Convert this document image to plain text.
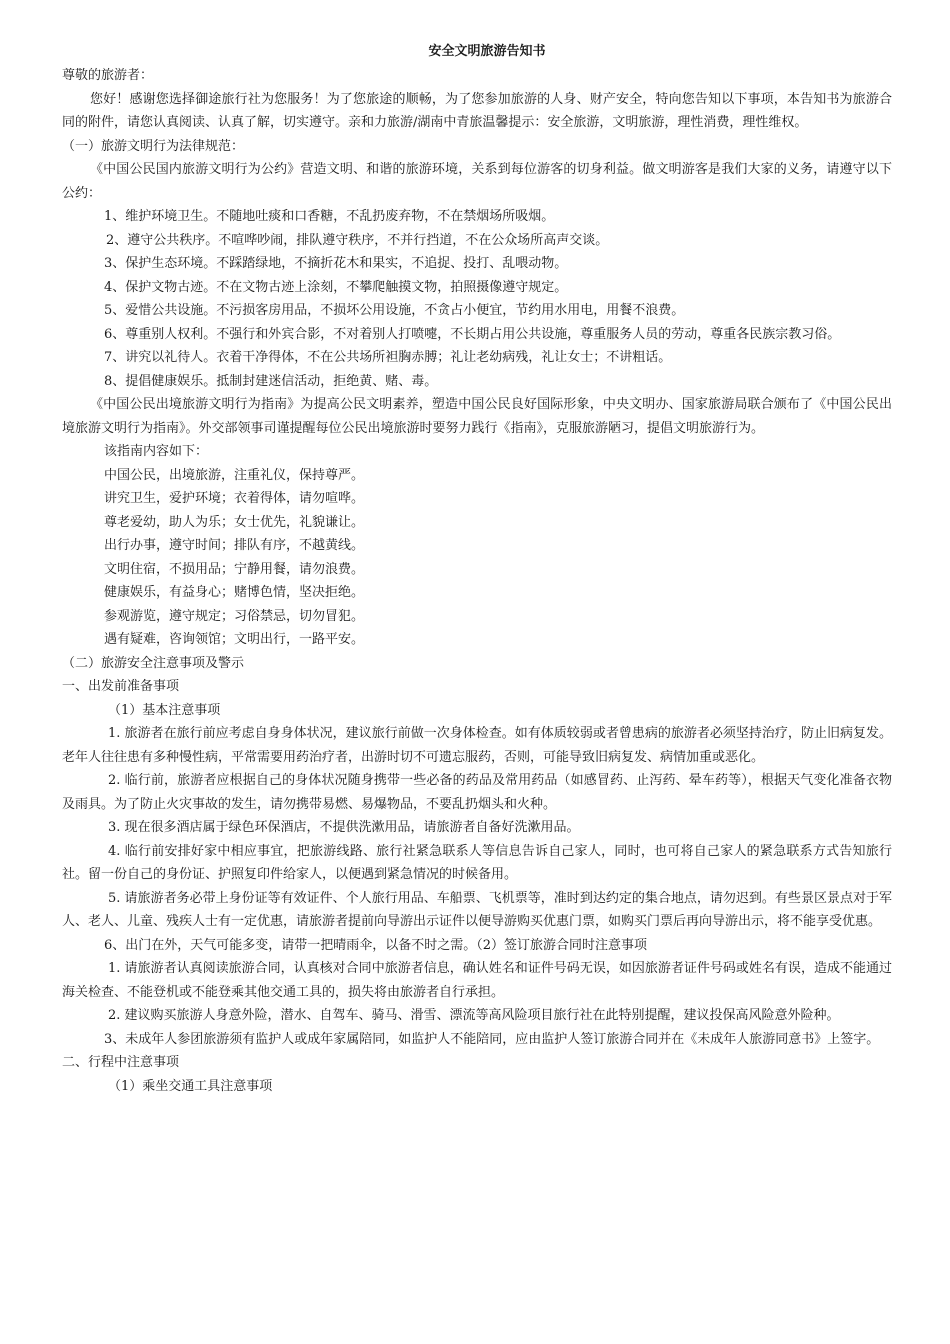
安全文明旅游告知书

尊敬的旅游者：

您好！感谢您选择御途旅行社为您服务！为了您旅途的顺畅，为了您参加旅游的人身、财产安全，特向您告知以下事项，本告知书为旅游合同的附件，请您认真阅读、认真了解，切实遵守。亲和力旅游/湖南中青旅温馨提示：安全旅游，文明旅游，理性消费，理性维权。

（一）旅游文明行为法律规范：

《中国公民国内旅游文明行为公约》营造文明、和谐的旅游环境，关系到每位游客的切身利益。做文明游客是我们大家的义务，请遵守以下公约：

1、维护环境卫生。不随地吐痰和口香糖，不乱扔废弃物，不在禁烟场所吸烟。

2、遵守公共秩序。不喧哗吵闹，排队遵守秩序，不并行挡道，不在公众场所高声交谈。

3、保护生态环境。不踩踏绿地，不摘折花木和果实，不追捉、投打、乱喂动物。

4、保护文物古迹。不在文物古迹上涂刻，不攀爬触摸文物，拍照摄像遵守规定。

5、爱惜公共设施。不污损客房用品，不损坏公用设施，不贪占小便宜，节约用水用电，用餐不浪费。

6、尊重别人权利。不强行和外宾合影，不对着别人打喷嚏，不长期占用公共设施，尊重服务人员的劳动，尊重各民族宗教习俗。

7、讲究以礼待人。衣着干净得体，不在公共场所袒胸赤膊；礼让老幼病残，礼让女士；不讲粗话。

8、提倡健康娱乐。抵制封建迷信活动，拒绝黄、赌、毒。

《中国公民出境旅游文明行为指南》为提高公民文明素养，塑造中国公民良好国际形象，中央文明办、国家旅游局联合颁布了《中国公民出境旅游文明行为指南》。外交部领事司谨提醒每位公民出境旅游时要努力践行《指南》，克服旅游陋习，提倡文明旅游行为。

该指南内容如下：

中国公民，出境旅游，注重礼仪，保持尊严。

讲究卫生，爱护环境；衣着得体，请勿喧哗。

尊老爱幼，助人为乐；女士优先，礼貌谦让。

出行办事，遵守时间；排队有序，不越黄线。

文明住宿，不损用品；宁静用餐，请勿浪费。

健康娱乐，有益身心；赌博色情，坚决拒绝。

参观游览，遵守规定；习俗禁忌，切勿冒犯。

遇有疑难，咨询领馆；文明出行，一路平安。

（二）旅游安全注意事项及警示

一、出发前准备事项

（1）基本注意事项

1. 旅游者在旅行前应考虑自身身体状况，建议旅行前做一次身体检查。如有体质较弱或者曾患病的旅游者必须坚持治疗，防止旧病复发。老年人往往患有多种慢性病，平常需要用药治疗者，出游时切不可遗忘服药，否则，可能导致旧病复发、病情加重或恶化。

2. 临行前，旅游者应根据自己的身体状况随身携带一些必备的药品及常用药品（如感冒药、止泻药、晕车药等），根据天气变化准备衣物及雨具。为了防止火灾事故的发生，请勿携带易燃、易爆物品，不要乱扔烟头和火种。

3. 现在很多酒店属于绿色环保酒店，不提供洗漱用品，请旅游者自备好洗漱用品。

4. 临行前安排好家中相应事宜，把旅游线路、旅行社紧急联系人等信息告诉自己家人，同时，也可将自己家人的紧急联系方式告知旅行社。留一份自己的身份证、护照复印件给家人，以便遇到紧急情况的时候备用。

5. 请旅游者务必带上身份证等有效证件、个人旅行用品、车船票、飞机票等，准时到达约定的集合地点，请勿迟到。有些景区景点对于军人、老人、儿童、残疾人士有一定优惠，请旅游者提前向导游出示证件以便导游购买优惠门票，如购买门票后再向导游出示，将不能享受优惠。

6、出门在外，天气可能多变，请带一把晴雨伞，以备不时之需。（2）签订旅游合同时注意事项

1. 请旅游者认真阅读旅游合同，认真核对合同中旅游者信息，确认姓名和证件号码无误，如因旅游者证件号码或姓名有误，造成不能通过海关检查、不能登机或不能登乘其他交通工具的，损失将由旅游者自行承担。

2. 建议购买旅游人身意外险，潜水、自驾车、骑马、滑雪、漂流等高风险项目旅行社在此特别提醒，建议投保高风险意外险种。

3、未成年人参团旅游须有监护人或成年家属陪同，如监护人不能陪同，应由监护人签订旅游合同并在《未成年人旅游同意书》上签字。

二、行程中注意事项

（1）乘坐交通工具注意事项
